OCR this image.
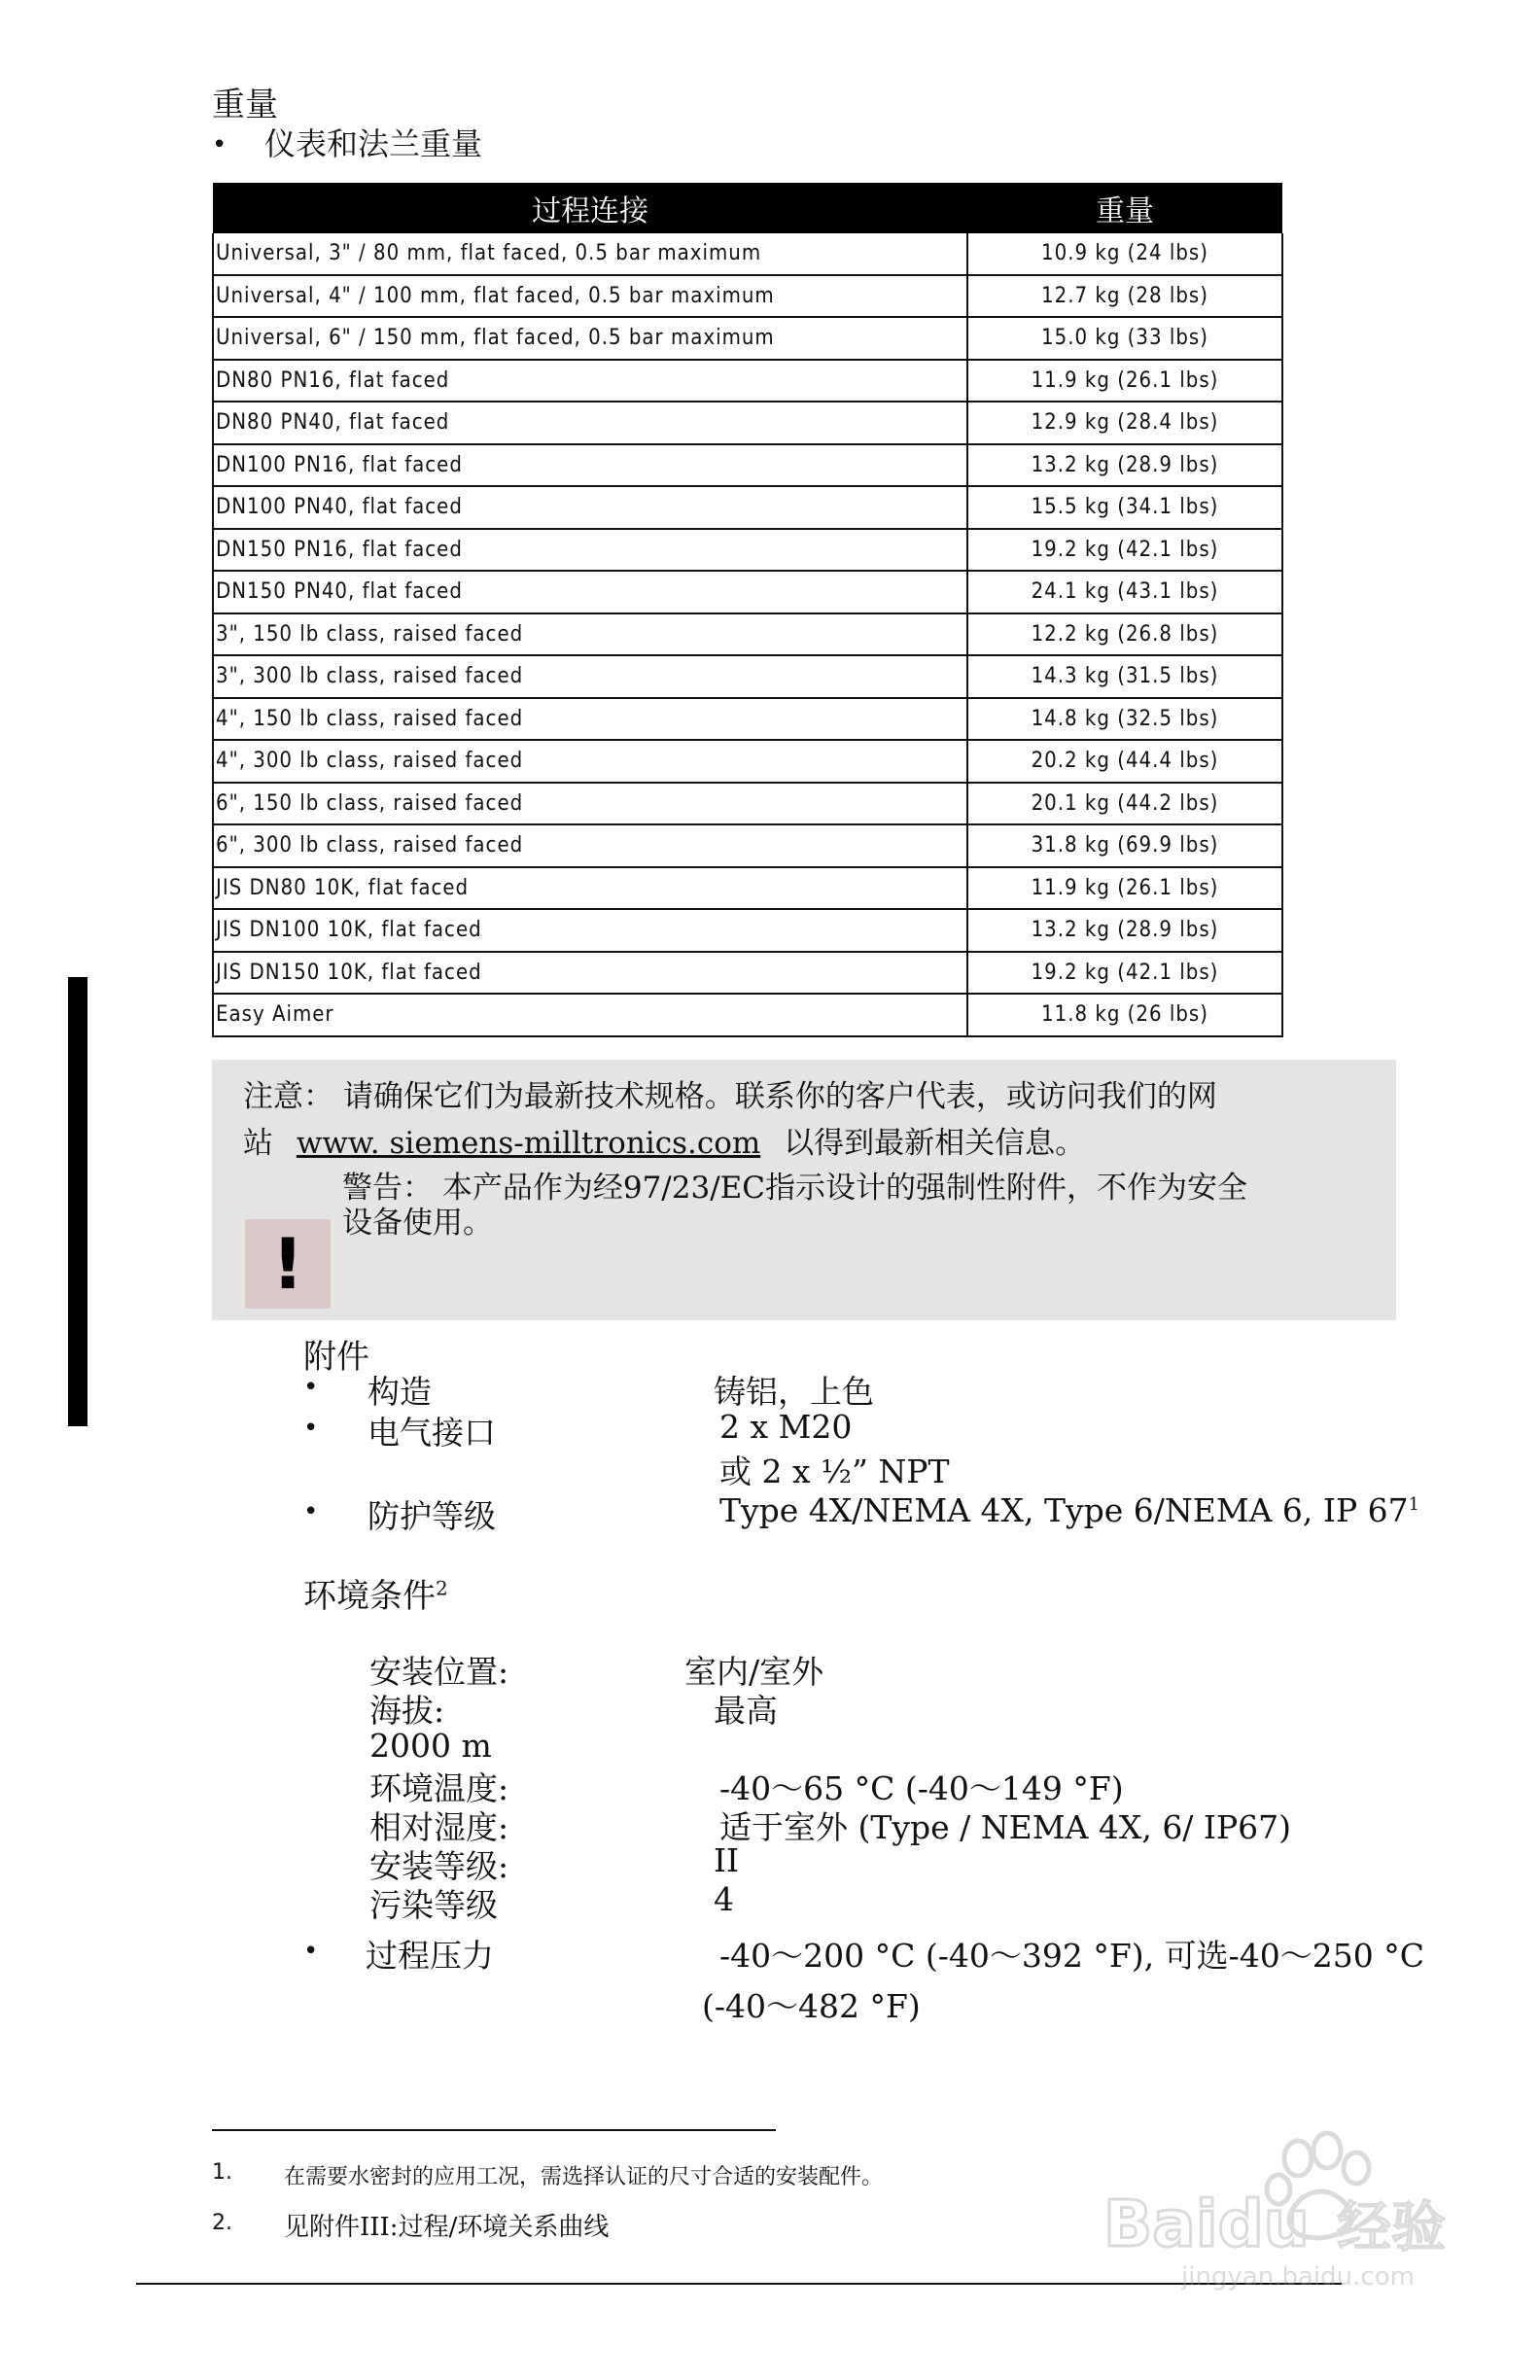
重量
• 仪表和法兰重量
过程连接	重量
Universal, 3" / 80 mm, flat faced, 0.5 bar maximum	10.9 kg (24 lbs)
Universal, 4" / 100 mm, flat faced, 0.5 bar maximum	12.7 kg (28 lbs)
Universal, 6" / 150 mm, flat faced, 0.5 bar maximum	15.0 kg (33 lbs)
DN80 PN16, flat faced	11.9 kg (26.1 lbs)
DN80 PN40, flat faced	12.9 kg (28.4 lbs)
DN100 PN16, flat faced	13.2 kg (28.9 lbs)
DN100 PN40, flat faced	15.5 kg (34.1 lbs)
DN150 PN16, flat faced	19.2 kg (42.1 lbs)
DN150 PN40, flat faced	24.1 kg (43.1 lbs)
3", 150 lb class, raised faced	12.2 kg (26.8 lbs)
3", 300 lb class, raised faced	14.3 kg (31.5 lbs)
4", 150 lb class, raised faced	14.8 kg (32.5 lbs)
4", 300 lb class, raised faced	20.2 kg (44.4 lbs)
6", 150 lb class, raised faced	20.1 kg (44.2 lbs)
6", 300 lb class, raised faced	31.8 kg (69.9 lbs)
JIS DN80 10K, flat faced	11.9 kg (26.1 lbs)
JIS DN100 10K, flat faced	13.2 kg (28.9 lbs)
JIS DN150 10K, flat faced	19.2 kg (42.1 lbs)
Easy Aimer	11.8 kg (26 lbs)
注意： 请确保它们为最新技术规格。联系你的客户代表，或访问我们的网
站 www. siemens-milltronics.com 以得到最新相关信息。
警告： 本产品作为经97/23/EC指示设计的强制性附件，不作为安全
设备使用。
!
附件
• 构造	铸铝，上色
• 电气接口	2 x M20
或 2 x ½” NPT
• 防护等级	Type 4X/NEMA 4X, Type 6/NEMA 6, IP $67^1$
环境条件$^2$
安装位置:	室内/室外
海拔:	最高
2000 m
环境温度:	-40～65 °C (-40～149 °F)
相对湿度:	适于室外 (Type / NEMA 4X, 6/ IP67)
安装等级:	II
污染等级	4
• 过程压力	-40～200 °C (-40～392 °F), 可选-40～250 °C
(-40～482 °F)
1. 在需要水密封的应用工况，需选择认证的尺寸合适的安装配件。
2. 见附件III:过程/环境关系曲线	Baidu 经验
jingyan.baidu.com
